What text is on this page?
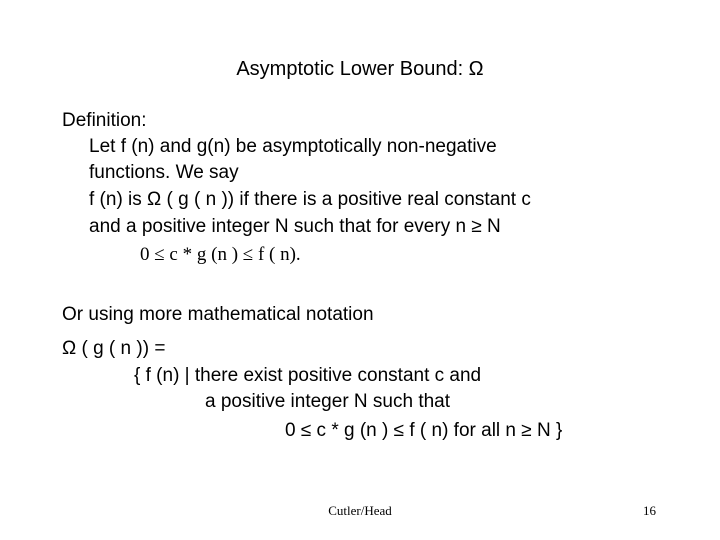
Asymptotic Lower Bound: Ω
Definition:
Let f (n) and g(n) be asymptotically non-negative
functions. We say
f (n) is Ω ( g ( n )) if there is a positive real constant c
and a positive integer N such that for every n ≥ N
0 ≤ c * g (n ) ≤ f ( n).
Or using more mathematical notation
Ω ( g ( n )) =
{ f (n) | there exist positive constant c and
a positive integer N such that
0 ≤ c * g (n ) ≤ f ( n) for all n ≥ N }
Cutler/Head	16
